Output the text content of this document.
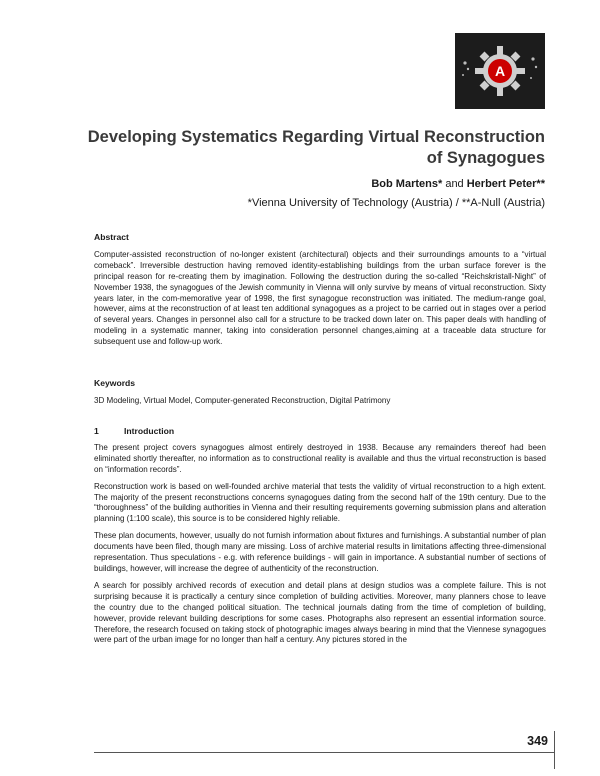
A
Developing Systematics Regarding Virtual Reconstruction
of Synagogues
Bob Martens* and Herbert Peter**
*Vienna University of Technology (Austria) / **A-Null (Austria)
Abstract

Computer-assisted reconstruction of no-longer existent (architectural) objects and their surroundings amounts to a “virtual comeback”. Irreversible destruction having removed identity-establishing buildings from the urban surface forever is the principal reason for re-creating them by imagination. Following the destruction during the so-called “Reichskristall-Night” of November 1938, the synagogues of the Jewish community in Vienna will only survive by means of virtual reconstruction. Sixty years later, in the com-memorative year of 1998, the first synagogue reconstruction was initiated. The medium-range goal, however, aims at the reconstruction of at least ten additional synagogues as a project to be carried out in stages over a period of several years. Changes in personnel also call for a structure to be tracked down later on. This paper deals with handling of modeling in a systematic manner, taking into consideration personnel changes,aiming at a traceable data structure for subsequent use and follow-up work.

Keywords

3D Modeling, Virtual Model, Computer-generated Reconstruction, Digital Patrimony

1	Introduction

The present project covers synagogues almost entirely destroyed in 1938. Because any remainders thereof had been eliminated shortly thereafter, no information as to constructional reality is available and thus the virtual reconstruction is based on “information records”.

Reconstruction work is based on well-founded archive material that tests the validity of virtual reconstruction to a high extent. The majority of the present reconstructions concerns synagogues dating from the second half of the 19th century. Due to the “thoroughness” of the building authorities in Vienna and their resulting requirements governing submission plans and alteration planning (1:100 scale), this source is to be considered highly reliable.

These plan documents, however, usually do not furnish information about fixtures and furnishings. A substantial number of plan documents have been filed, though many are missing. Loss of archive material results in limitations affecting three-dimensional representation. Thus speculations - e.g. with reference buildings - will gain in importance. A substantial number of sections of buildings, however, will increase the degree of authenticity of the reconstruction.

A search for possibly archived records of execution and detail plans at design studios was a complete failure. This is not surprising because it is practically a century since completion of building activities. Moreover, many planners chose to leave the country due to the changed political situation. The technical journals dating from the time of completion of building, however, provide relevant building descriptions for some cases. Photographs also represent an essential information source. Therefore, the research focused on taking stock of photographic images always bearing in mind that the Viennese synagogues were part of the urban image for no longer than half a century. Any pictures stored in the

349
